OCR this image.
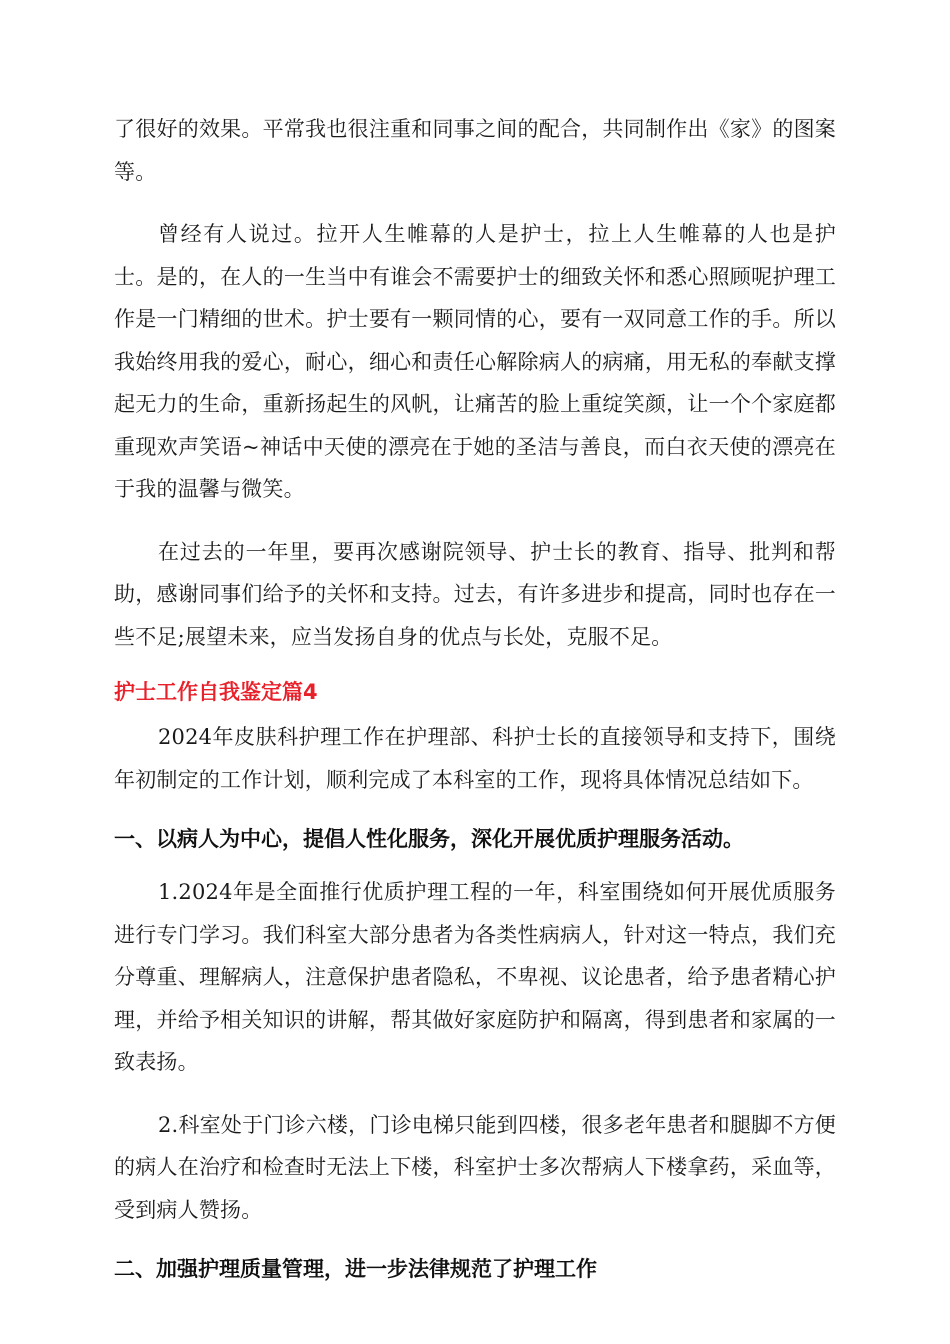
了很好的效果。平常我也很注重和同事之间的配合，共同制作出《家》的图案等。

曾经有人说过。拉开人生帷幕的人是护士，拉上人生帷幕的人也是护士。是的，在人的一生当中有谁会不需要护士的细致关怀和悉心照顾呢护理工作是一门精细的世术。护士要有一颗同情的心，要有一双同意工作的手。所以我始终用我的爱心，耐心，细心和责任心解除病人的病痛，用无私的奉献支撑起无力的生命，重新扬起生的风帆，让痛苦的脸上重绽笑颜，让一个个家庭都重现欢声笑语~神话中天使的漂亮在于她的圣洁与善良，而白衣天使的漂亮在于我的温馨与微笑。

在过去的一年里，要再次感谢院领导、护士长的教育、指导、批判和帮助，感谢同事们给予的关怀和支持。过去，有许多进步和提高，同时也存在一些不足;展望未来，应当发扬自身的优点与长处，克服不足。

护士工作自我鉴定篇4

2024年皮肤科护理工作在护理部、科护士长的直接领导和支持下，围绕年初制定的工作计划，顺利完成了本科室的工作，现将具体情况总结如下。

一、以病人为中心，提倡人性化服务，深化开展优质护理服务活动。

1.2024年是全面推行优质护理工程的一年，科室围绕如何开展优质服务进行专门学习。我们科室大部分患者为各类性病病人，针对这一特点，我们充分尊重、理解病人，注意保护患者隐私，不卑视、议论患者，给予患者精心护理，并给予相关知识的讲解，帮其做好家庭防护和隔离，得到患者和家属的一致表扬。

2.科室处于门诊六楼，门诊电梯只能到四楼，很多老年患者和腿脚不方便的病人在治疗和检查时无法上下楼，科室护士多次帮病人下楼拿药，采血等，受到病人赞扬。

二、加强护理质量管理，进一步法律规范了护理工作
